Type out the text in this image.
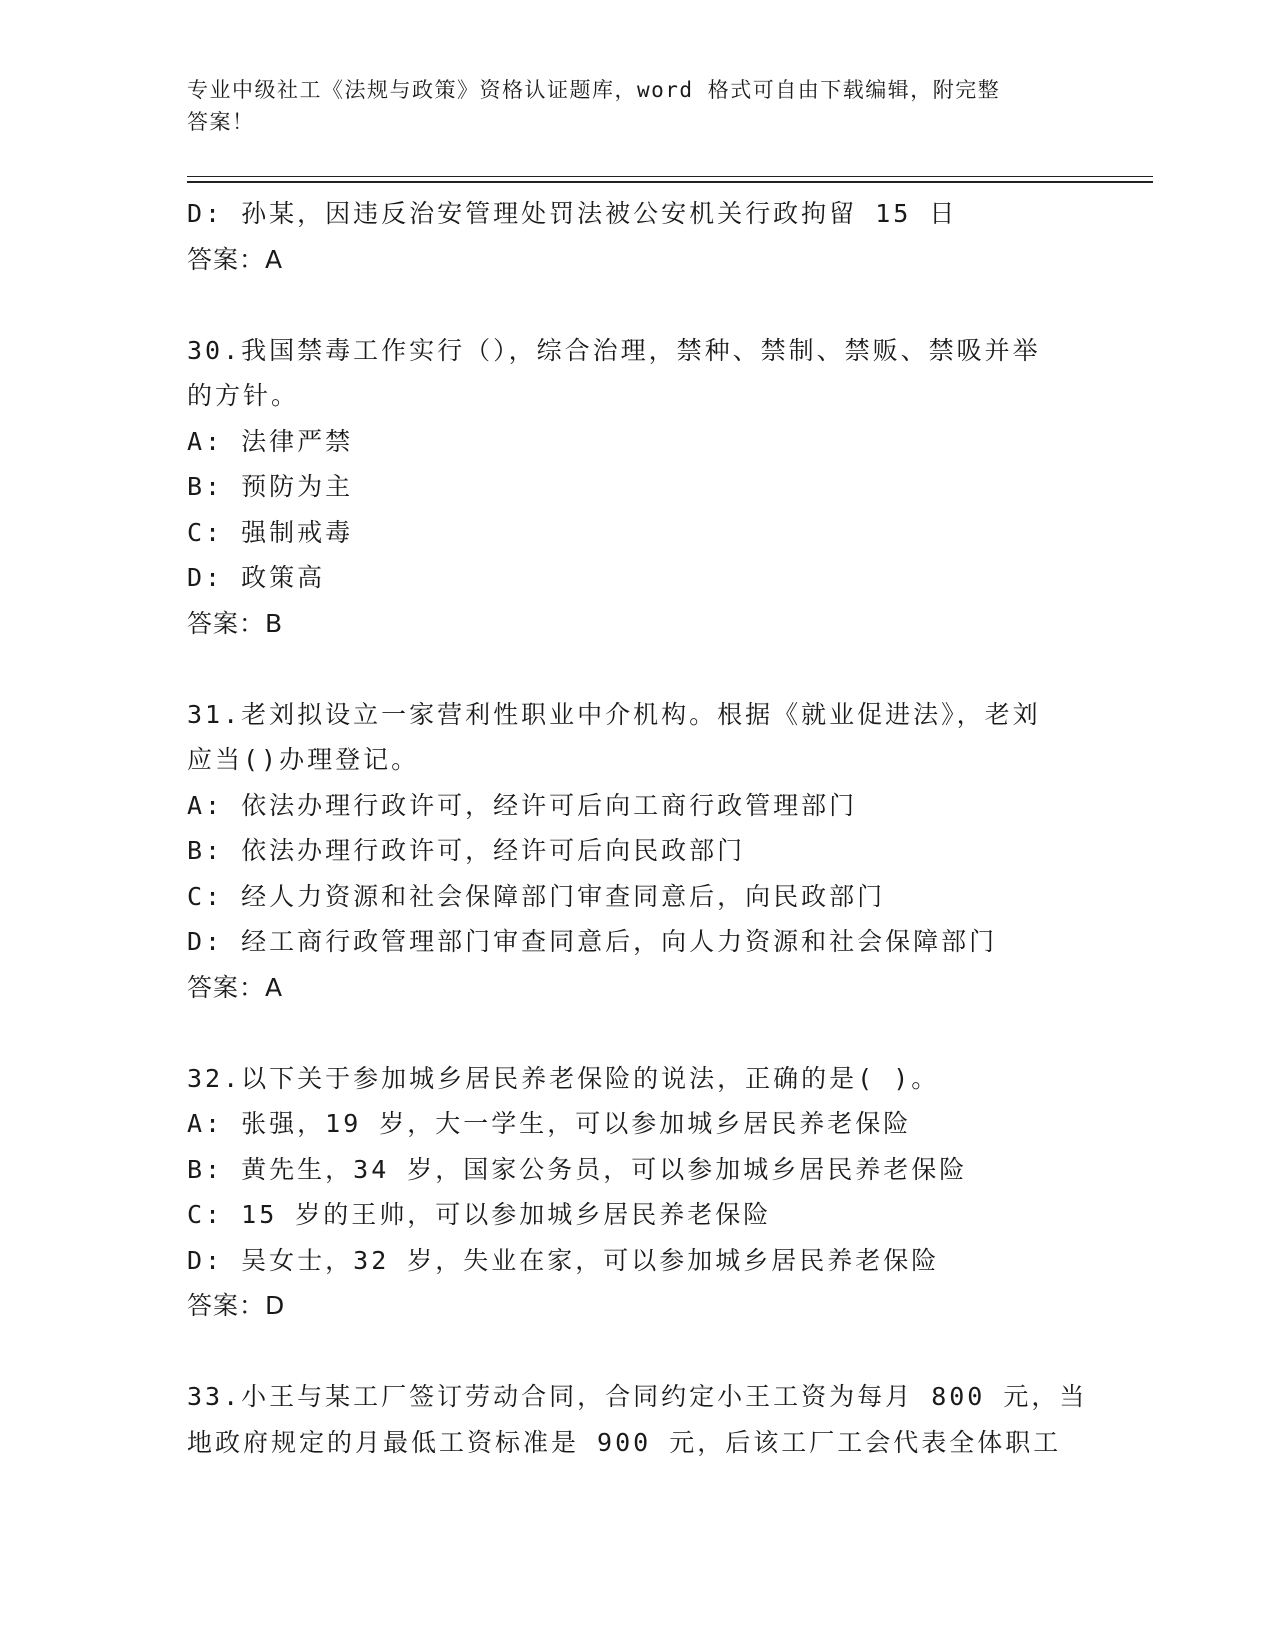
专业中级社工《法规与政策》资格认证题库，word 格式可自由下载编辑，附完整
答案！
D: 孙某，因违反治安管理处罚法被公安机关行政拘留 15 日
答案：A
30.我国禁毒工作实行（），综合治理，禁种、禁制、禁贩、禁吸并举
的方针。
A: 法律严禁
B: 预防为主
C: 强制戒毒
D: 政策高
答案：B
31.老刘拟设立一家营利性职业中介机构。根据《就业促进法》，老刘
应当()办理登记。
A: 依法办理行政许可，经许可后向工商行政管理部门
B: 依法办理行政许可，经许可后向民政部门
C: 经人力资源和社会保障部门审查同意后，向民政部门
D: 经工商行政管理部门审查同意后，向人力资源和社会保障部门
答案：A
32.以下关于参加城乡居民养老保险的说法，正确的是( )。
A: 张强，19 岁，大一学生，可以参加城乡居民养老保险
B: 黄先生，34 岁，国家公务员，可以参加城乡居民养老保险
C: 15 岁的王帅，可以参加城乡居民养老保险
D: 吴女士，32 岁，失业在家，可以参加城乡居民养老保险
答案：D
33.小王与某工厂签订劳动合同，合同约定小王工资为每月 800 元，当
地政府规定的月最低工资标准是 900 元，后该工厂工会代表全体职工
